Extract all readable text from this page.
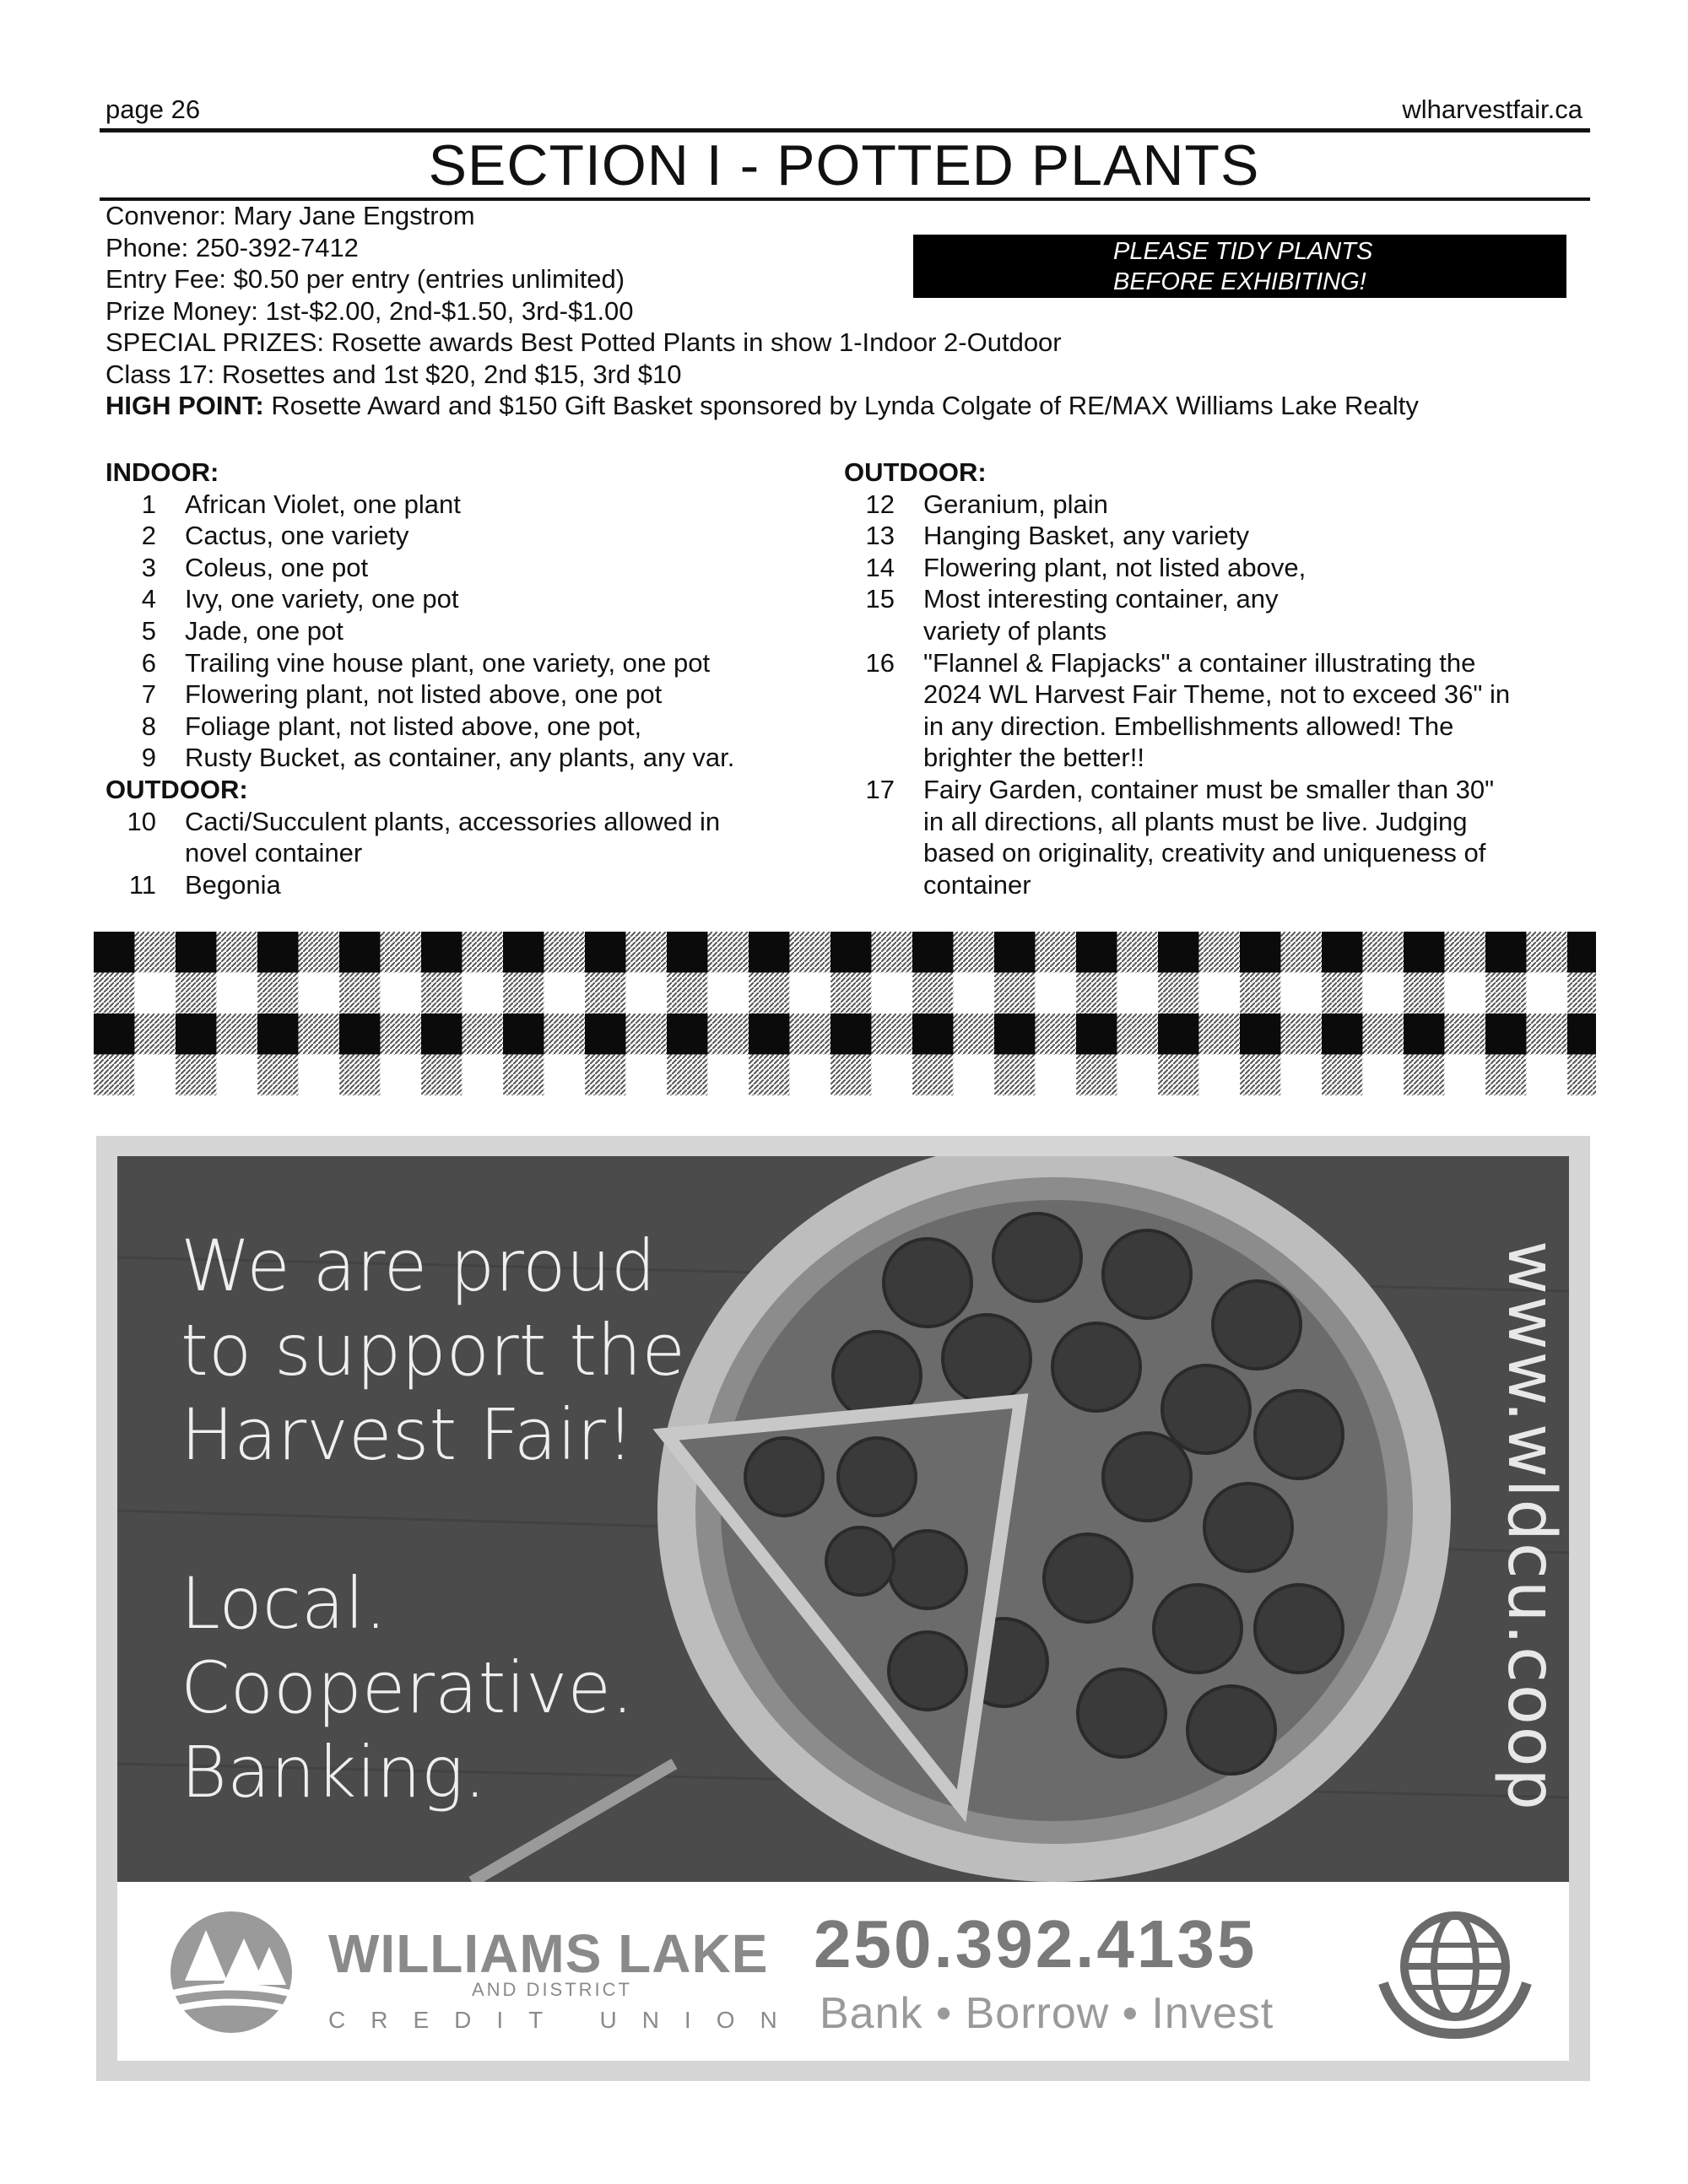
page 26	wlharvestfair.ca
SECTION I - POTTED PLANTS
Convenor: Mary Jane Engstrom
Phone: 250-392-7412
Entry Fee: $0.50 per entry (entries unlimited)
Prize Money: 1st-$2.00, 2nd-$1.50, 3rd-$1.00
SPECIAL PRIZES: Rosette awards Best Potted Plants in show 1-Indoor 2-Outdoor
Class 17: Rosettes and 1st $20, 2nd $15, 3rd $10
HIGH POINT: Rosette Award and $150 Gift Basket sponsored by Lynda Colgate of RE/MAX Williams Lake Realty
PLEASE TIDY PLANTS
BEFORE EXHIBITING!
INDOOR:
1 African Violet, one plant
2 Cactus, one variety
3 Coleus, one pot
4 Ivy, one variety, one pot
5 Jade, one pot
6 Trailing vine house plant, one variety, one pot
7 Flowering plant, not listed above, one pot
8 Foliage plant, not listed above, one pot,
9 Rusty Bucket, as container, any plants, any var.
OUTDOOR:
10 Cacti/Succulent plants, accessories allowed in
novel container
11 Begonia
OUTDOOR:
12 Geranium, plain
13 Hanging Basket, any variety
14 Flowering plant, not listed above,
15 Most interesting container, any
variety of plants
16 "Flannel & Flapjacks" a container illustrating the
2024 WL Harvest Fair Theme, not to exceed 36" in
in any direction. Embellishments allowed! The
brighter the better!!
17 Fairy Garden, container must be smaller than 30"
in all directions, all plants must be live. Judging
based on originality, creativity and uniqueness of
container
We are proud
to support the
Harvest Fair!
Local.
Cooperative.
Banking.	www.wldcu.coop
WILLIAMS LAKE
AND DISTRICT
CREDIT UNION
250.392.4135
Bank • Borrow • Invest
